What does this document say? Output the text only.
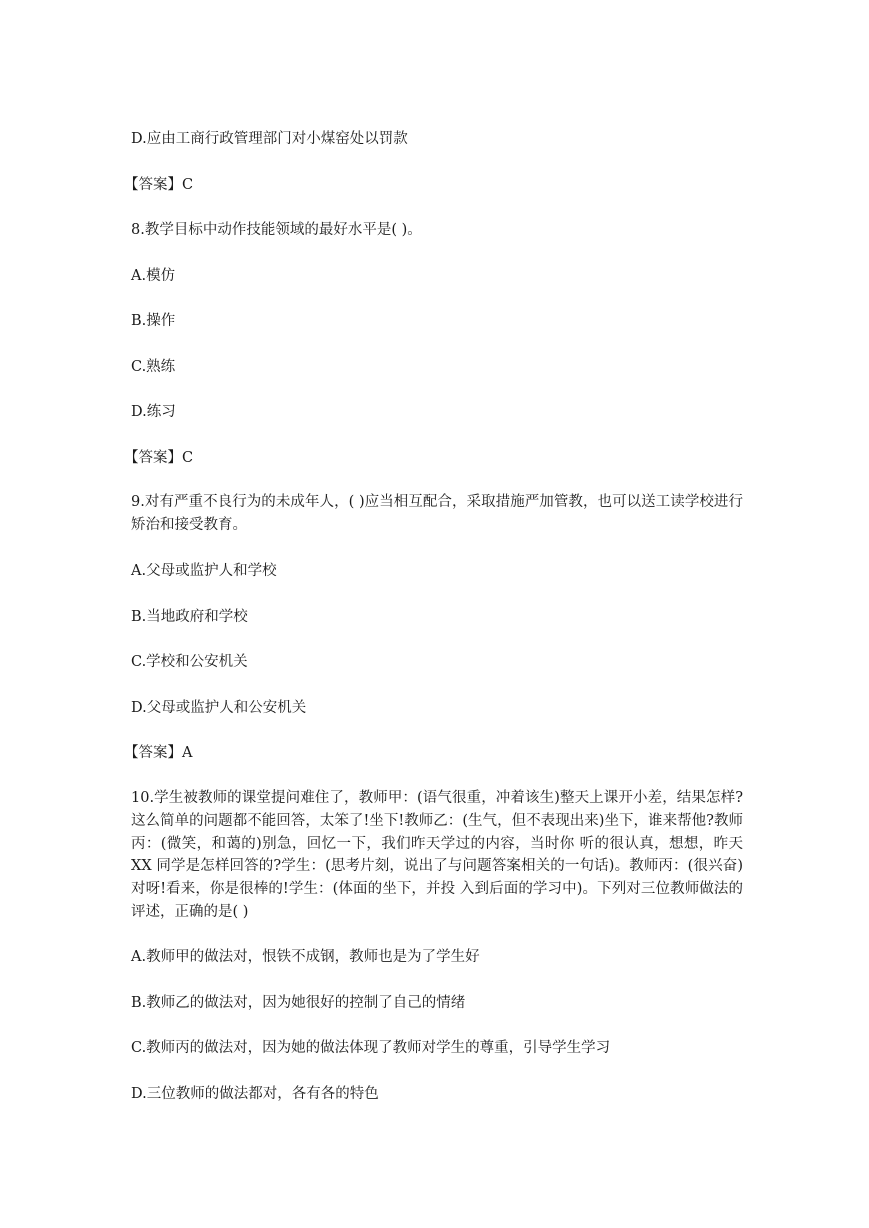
D.应由工商行政管理部门对小煤窑处以罚款
【答案】C
8.教学目标中动作技能领域的最好水平是( )。
A.模仿
B.操作
C.熟练
D.练习
【答案】C
9.对有严重不良行为的未成年人，( )应当相互配合，采取措施严加管教，也可以送工读学校进行矫治和接受教育。
A.父母或监护人和学校
B.当地政府和学校
C.学校和公安机关
D.父母或监护人和公安机关
【答案】A
10.学生被教师的课堂提问难住了，教师甲：(语气很重，冲着该生)整天上课开小差，结果怎样?这么简单的问题都不能回答，太笨了!坐下!教师乙：(生气，但不表现出来)坐下，谁来帮他?教师丙：(微笑，和蔼的)别急，回忆一下，我们昨天学过的内容，当时你 听的很认真，想想，昨天 XX 同学是怎样回答的?学生：(思考片刻，说出了与问题答案相关的一句话)。教师丙：(很兴奋)对呀!看来，你是很棒的!学生：(体面的坐下，并投 入到后面的学习中)。下列对三位教师做法的评述，正确的是( )
A.教师甲的做法对，恨铁不成钢，教师也是为了学生好
B.教师乙的做法对，因为她很好的控制了自己的情绪
C.教师丙的做法对，因为她的做法体现了教师对学生的尊重，引导学生学习
D.三位教师的做法都对，各有各的特色
